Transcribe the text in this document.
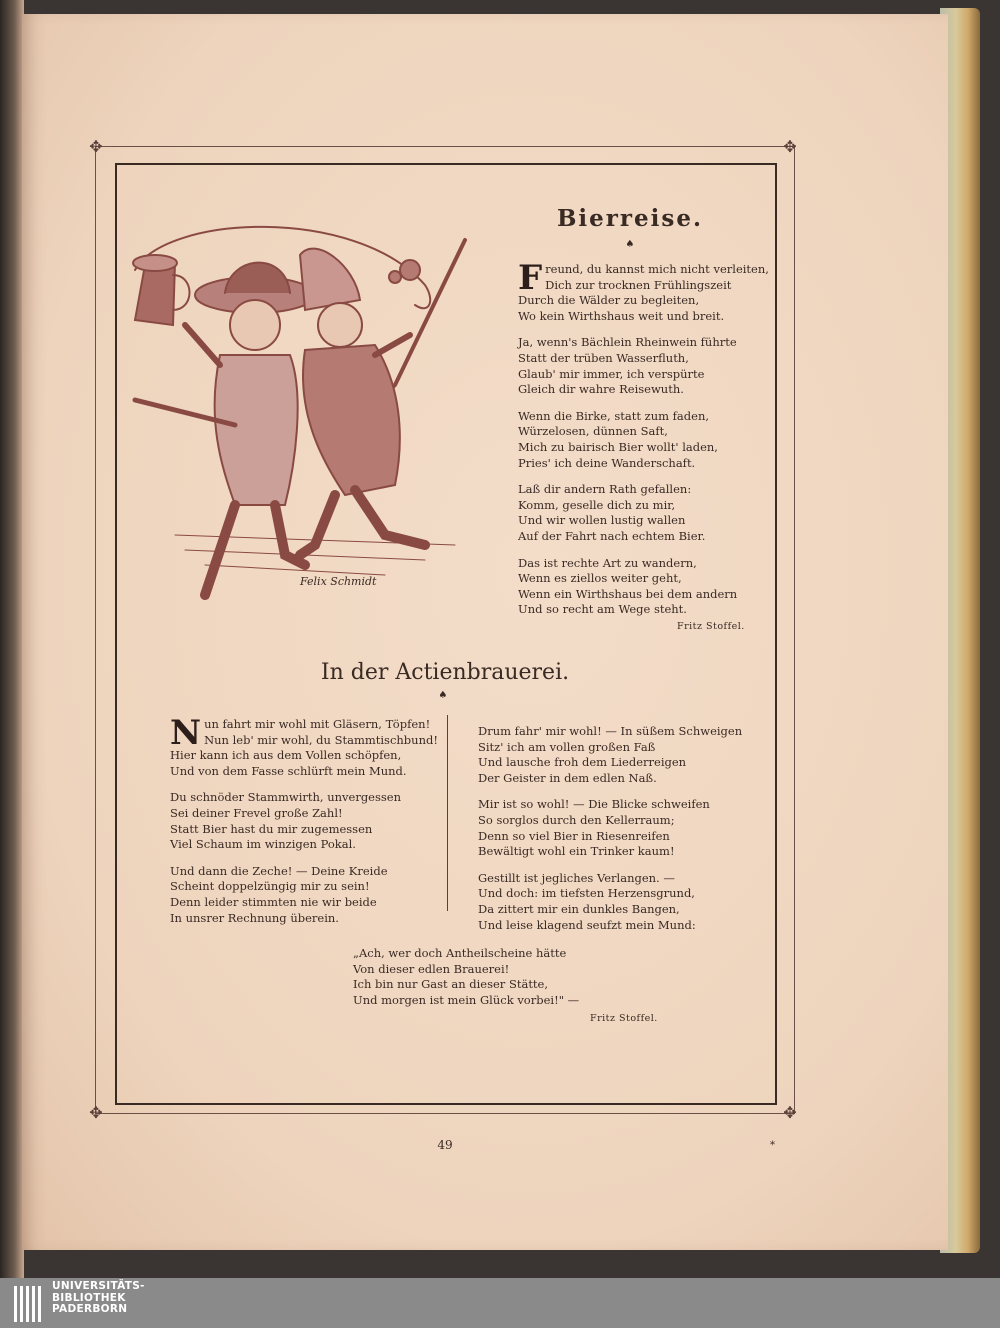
✥	✥
✥	✥
Felix Schmidt
Bierreise.
♠
Freund, du kannst mich nicht verleiten,
Dich zur trocknen Frühlingszeit
Durch die Wälder zu begleiten,
Wo kein Wirthshaus weit und breit.
Ja, wenn's Bächlein Rheinwein führte
Statt der trüben Wasserfluth,
Glaub' mir immer, ich verspürte
Gleich dir wahre Reisewuth.
Wenn die Birke, statt zum faden,
Würzelosen, dünnen Saft,
Mich zu bairisch Bier wollt' laden,
Pries' ich deine Wanderschaft.
Laß dir andern Rath gefallen:
Komm, geselle dich zu mir,
Und wir wollen lustig wallen
Auf der Fahrt nach echtem Bier.
Das ist rechte Art zu wandern,
Wenn es ziellos weiter geht,
Wenn ein Wirthshaus bei dem andern
Und so recht am Wege steht.
Fritz Stoffel.
In der Actienbrauerei.
♠
Nun fahrt mir wohl mit Gläsern, Töpfen!
Nun leb' mir wohl, du Stammtischbund!
Hier kann ich aus dem Vollen schöpfen,
Und von dem Fasse schlürft mein Mund.
Du schnöder Stammwirth, unvergessen
Sei deiner Frevel große Zahl!
Statt Bier hast du mir zugemessen
Viel Schaum im winzigen Pokal.
Und dann die Zeche! — Deine Kreide
Scheint doppelzüngig mir zu sein!
Denn leider stimmten nie wir beide
In unsrer Rechnung überein.
Drum fahr' mir wohl! — In süßem Schweigen
Sitz' ich am vollen großen Faß
Und lausche froh dem Liederreigen
Der Geister in dem edlen Naß.
Mir ist so wohl! — Die Blicke schweifen
So sorglos durch den Kellerraum;
Denn so viel Bier in Riesenreifen
Bewältigt wohl ein Trinker kaum!
Gestillt ist jegliches Verlangen. —
Und doch: im tiefsten Herzensgrund,
Da zittert mir ein dunkles Bangen,
Und leise klagend seufzt mein Mund:
„Ach, wer doch Antheilscheine hätte
Von dieser edlen Brauerei!
Ich bin nur Gast an dieser Stätte,
Und morgen ist mein Glück vorbei!" —
Fritz Stoffel.
49	*
UNIVERSITÄTS-
BIBLIOTHEK
PADERBORN
